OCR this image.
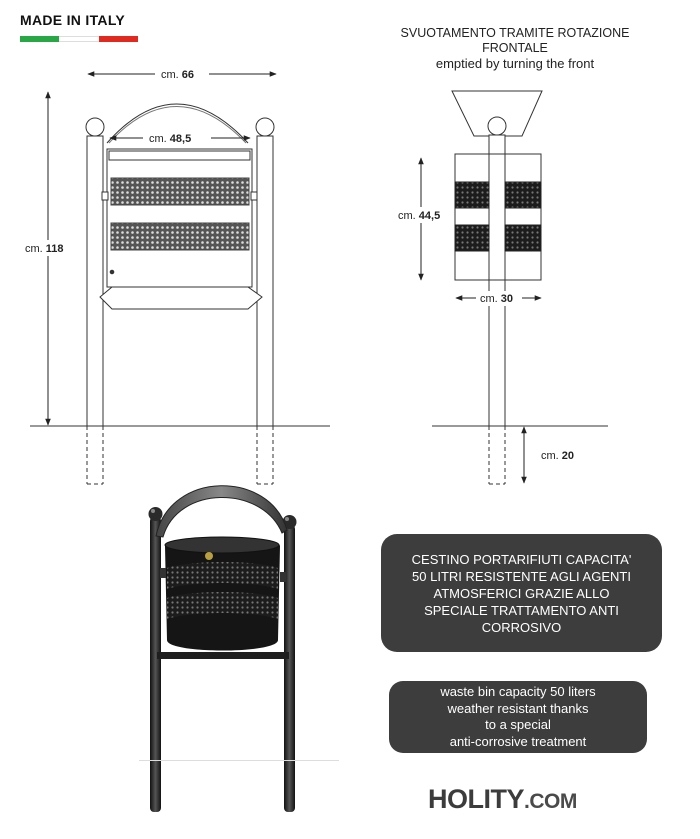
MADE IN ITALY
SVUOTAMENTO TRAMITE ROTAZIONE
FRONTALE
emptied by turning the front
cm. 66
cm. 48,5
cm. 118
cm. 44,5
cm. 30
cm. 20
CESTINO PORTARIFIUTI CAPACITA'
50 LITRI RESISTENTE AGLI AGENTI
ATMOSFERICI GRAZIE ALLO
SPECIALE TRATTAMENTO ANTI
CORROSIVO
waste bin capacity 50 liters
weather resistant thanks
to a special
anti-corrosive treatment
HOLITY.COM
